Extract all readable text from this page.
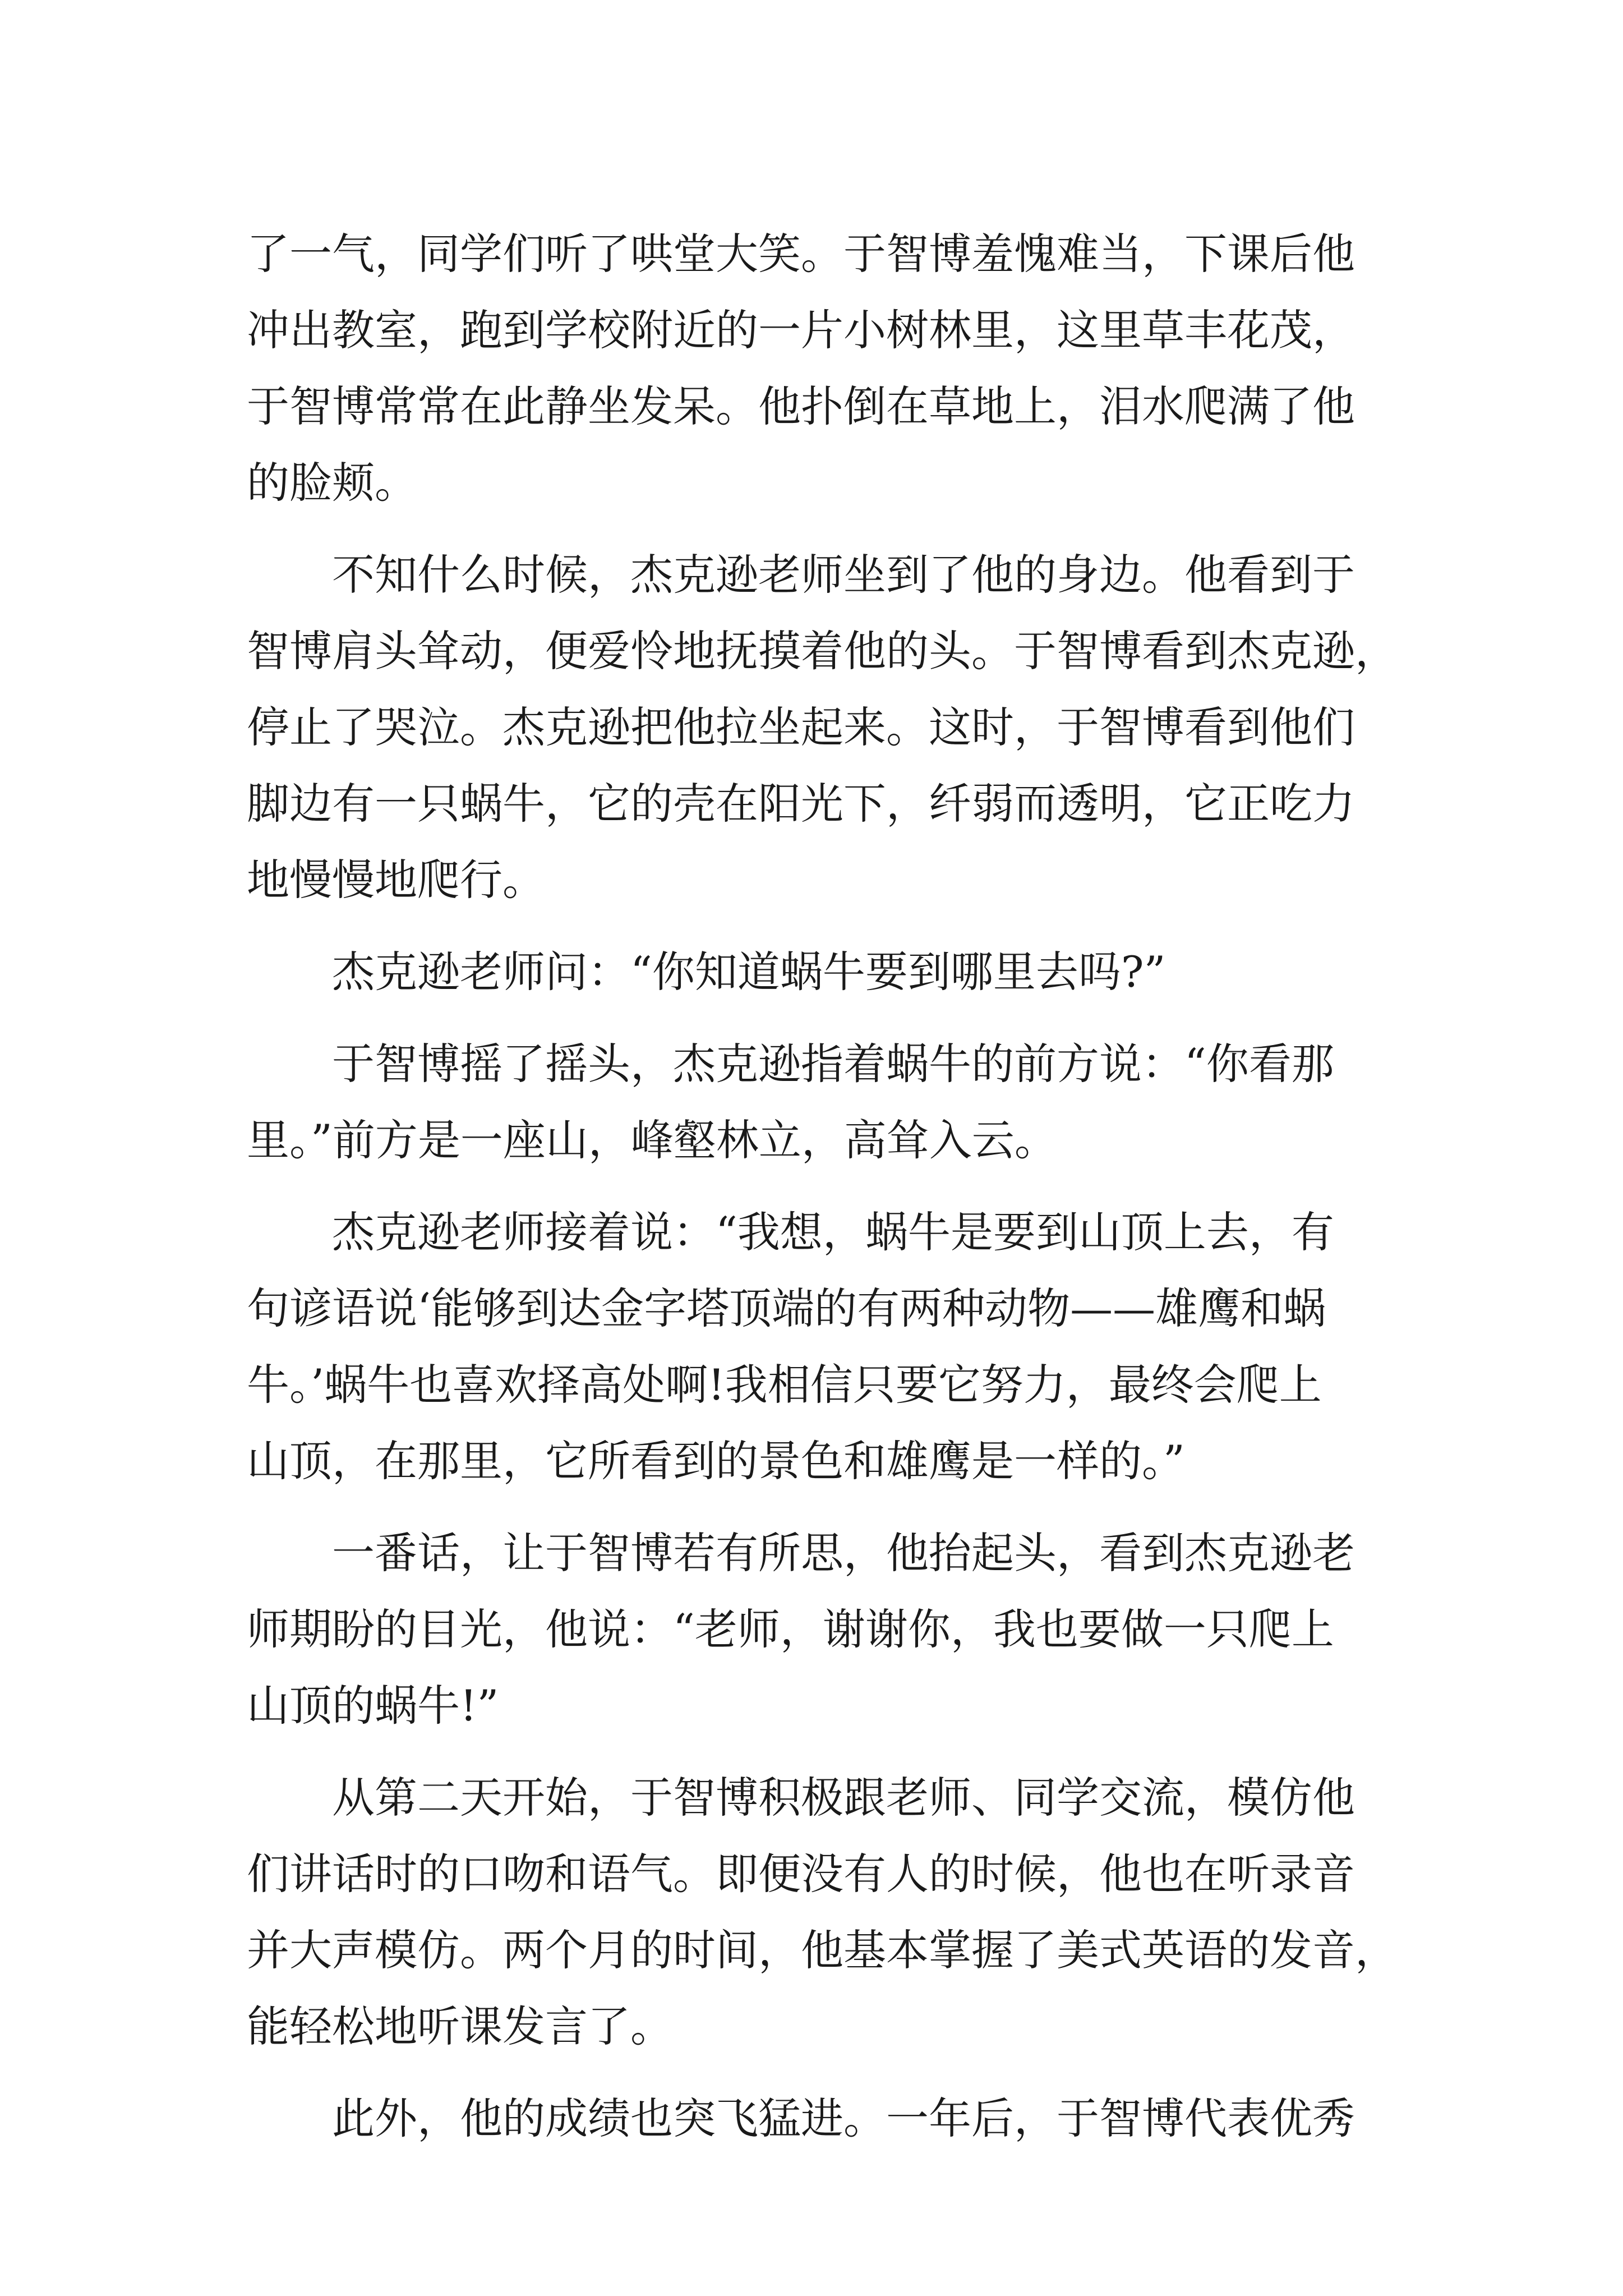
了一气，同学们听了哄堂大笑。于智博羞愧难当，下课后他
冲出教室，跑到学校附近的一片小树林里，这里草丰花茂，
于智博常常在此静坐发呆。他扑倒在草地上，泪水爬满了他
的脸颊。
　　不知什么时候，杰克逊老师坐到了他的身边。他看到于
智博肩头耸动，便爱怜地抚摸着他的头。于智博看到杰克逊，
停止了哭泣。杰克逊把他拉坐起来。这时，于智博看到他们
脚边有一只蜗牛，它的壳在阳光下，纤弱而透明，它正吃力
地慢慢地爬行。
　　杰克逊老师问：“你知道蜗牛要到哪里去吗?”
　　于智博摇了摇头，杰克逊指着蜗牛的前方说：“你看那
里。”前方是一座山，峰壑林立，高耸入云。
　　杰克逊老师接着说：“我想，蜗牛是要到山顶上去，有
句谚语说‘能够到达金字塔顶端的有两种动物——雄鹰和蜗
牛。’蜗牛也喜欢择高处啊!我相信只要它努力，最终会爬上
山顶，在那里，它所看到的景色和雄鹰是一样的。”
　　一番话，让于智博若有所思，他抬起头，看到杰克逊老
师期盼的目光，他说：“老师，谢谢你，我也要做一只爬上
山顶的蜗牛!”
　　从第二天开始，于智博积极跟老师、同学交流，模仿他
们讲话时的口吻和语气。即便没有人的时候，他也在听录音
并大声模仿。两个月的时间，他基本掌握了美式英语的发音，
能轻松地听课发言了。
　　此外，他的成绩也突飞猛进。一年后，于智博代表优秀
